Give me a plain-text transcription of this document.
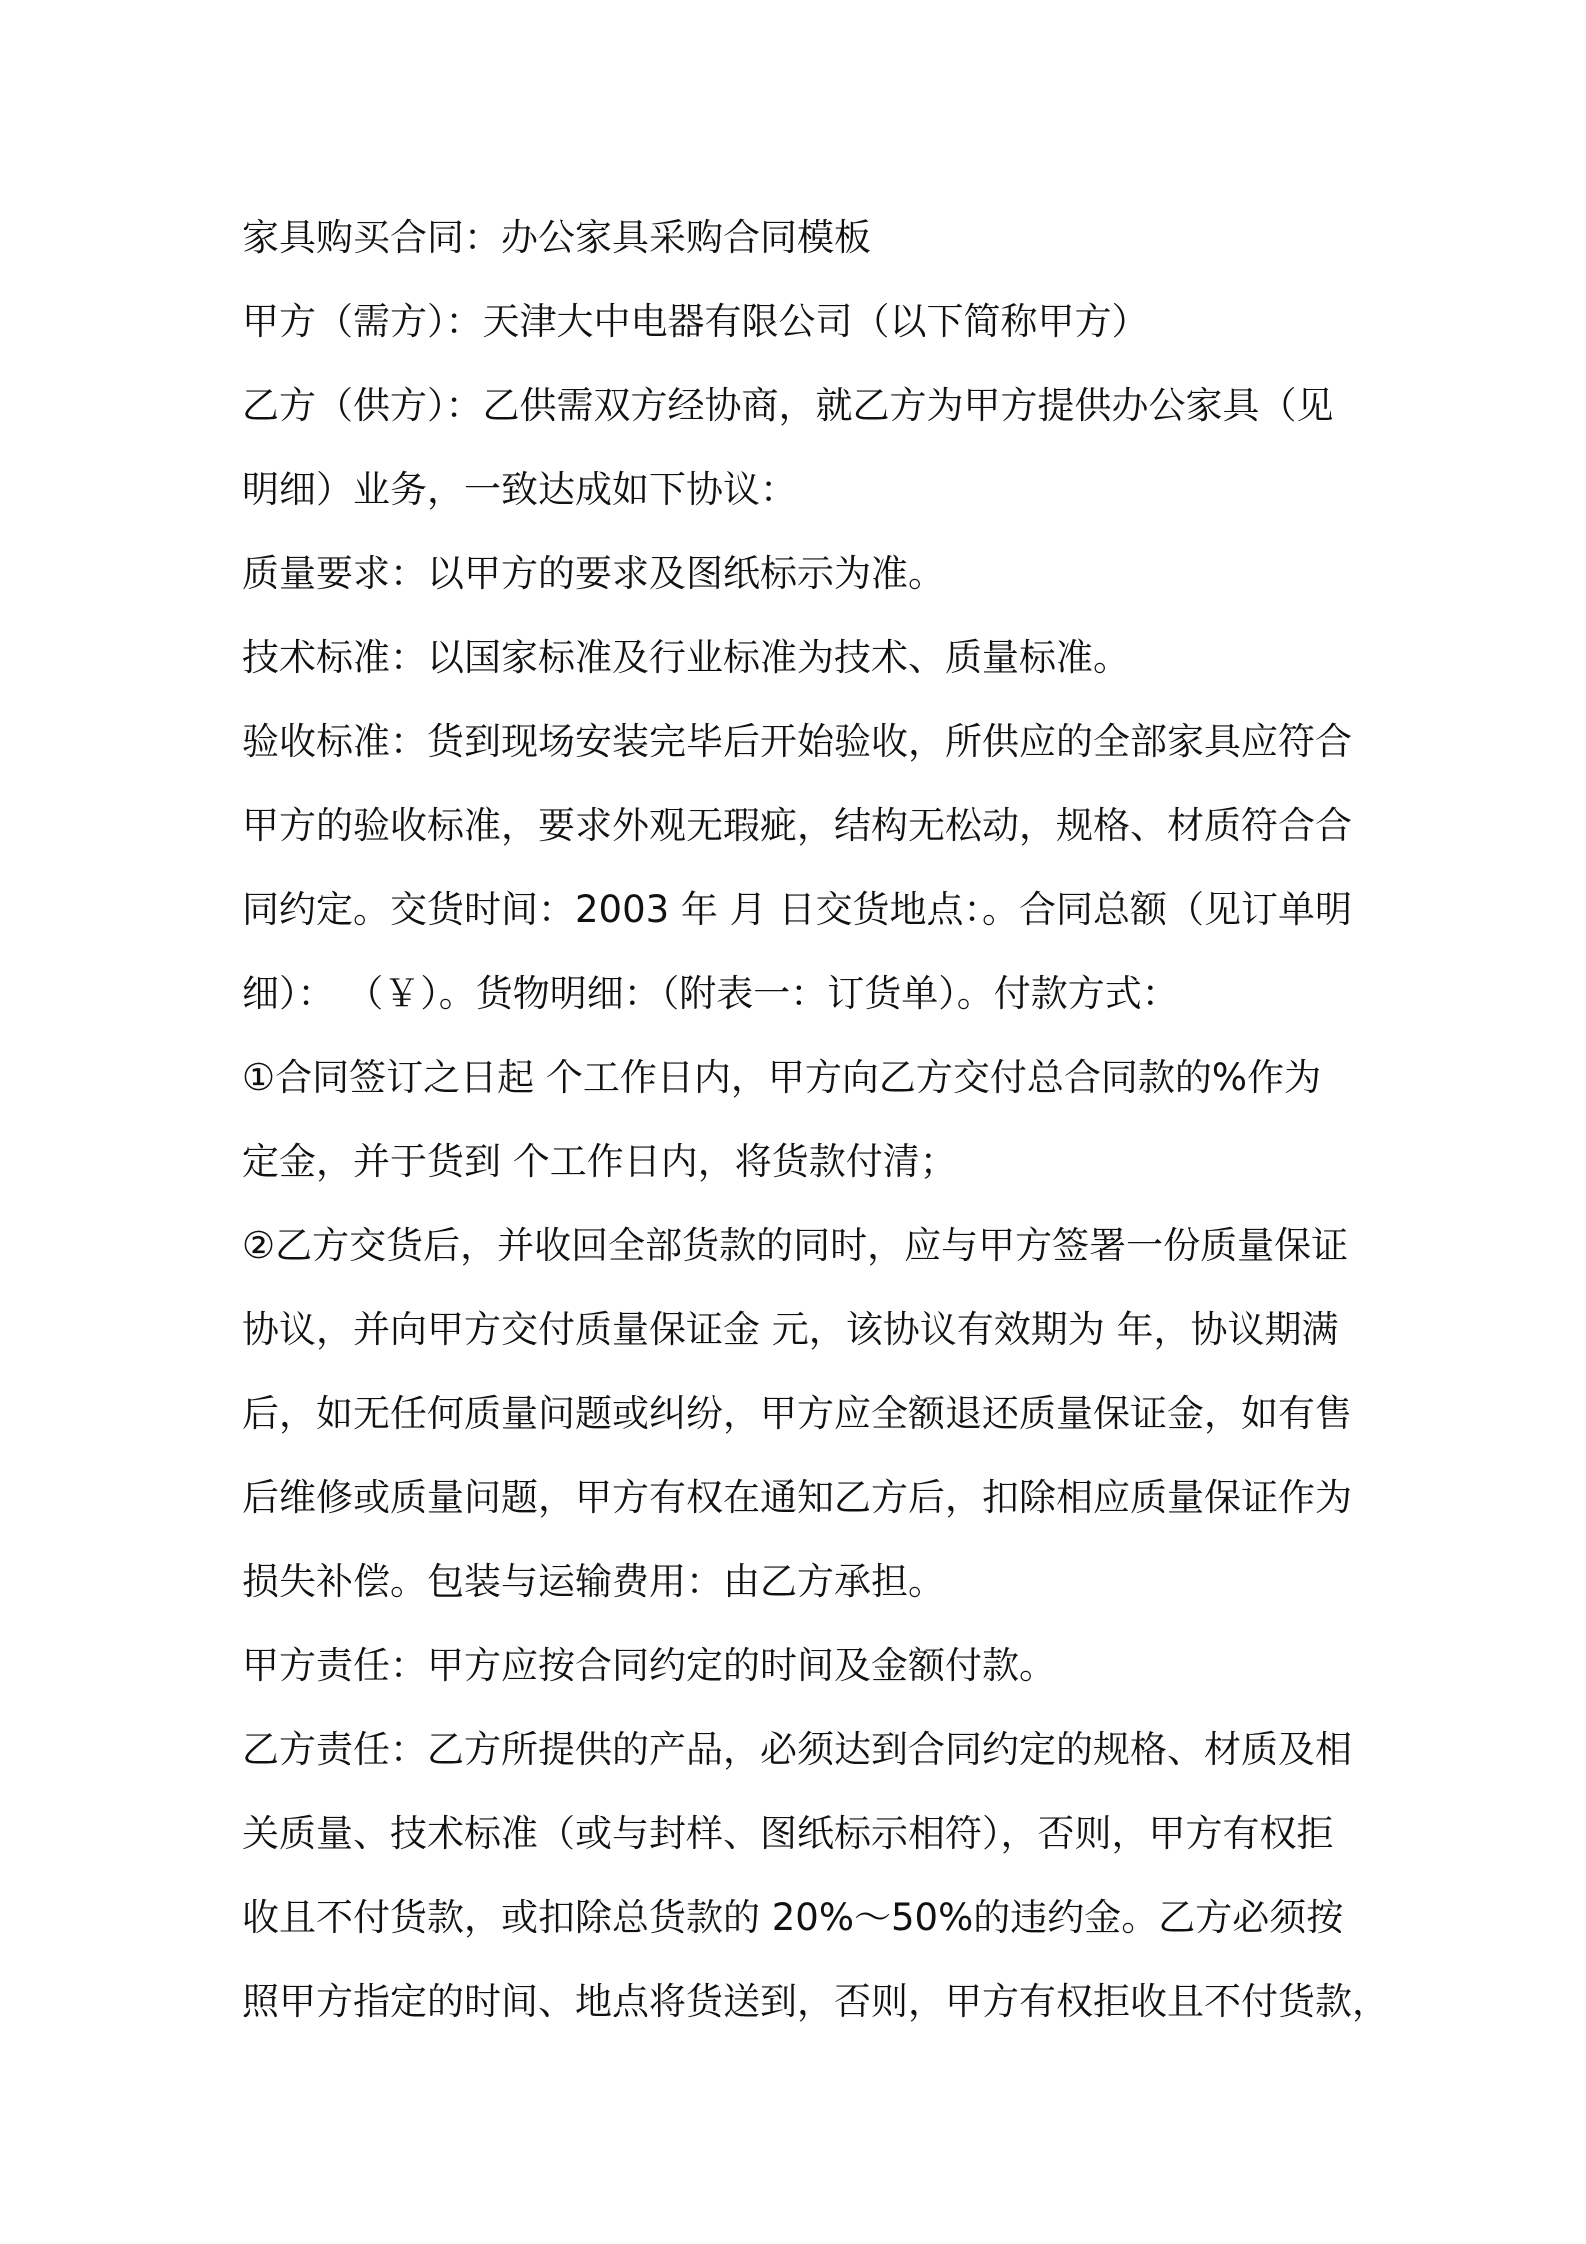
家具购买合同：办公家具采购合同模板
甲方（需方）：天津大中电器有限公司（以下简称甲方）
乙方（供方）：乙供需双方经协商，就乙方为甲方提供办公家具（见
明细）业务，一致达成如下协议：
质量要求：以甲方的要求及图纸标示为准。
技术标准：以国家标准及行业标准为技术、质量标准。
验收标准：货到现场安装完毕后开始验收，所供应的全部家具应符合
甲方的验收标准，要求外观无瑕疵，结构无松动，规格、材质符合合
同约定。交货时间：2003 年 月 日交货地点：。合同总额（见订单明
细）： （￥）。货物明细：（附表一：订货单）。付款方式：
①合同签订之日起 个工作日内，甲方向乙方交付总合同款的%作为
定金，并于货到 个工作日内，将货款付清；
②乙方交货后，并收回全部货款的同时，应与甲方签署一份质量保证
协议，并向甲方交付质量保证金 元，该协议有效期为 年，协议期满
后，如无任何质量问题或纠纷，甲方应全额退还质量保证金，如有售
后维修或质量问题，甲方有权在通知乙方后，扣除相应质量保证作为
损失补偿。包装与运输费用：由乙方承担。
甲方责任：甲方应按合同约定的时间及金额付款。
乙方责任：乙方所提供的产品，必须达到合同约定的规格、材质及相
关质量、技术标准（或与封样、图纸标示相符），否则，甲方有权拒
收且不付货款，或扣除总货款的 20%～50%的违约金。乙方必须按
照甲方指定的时间、地点将货送到，否则，甲方有权拒收且不付货款，
